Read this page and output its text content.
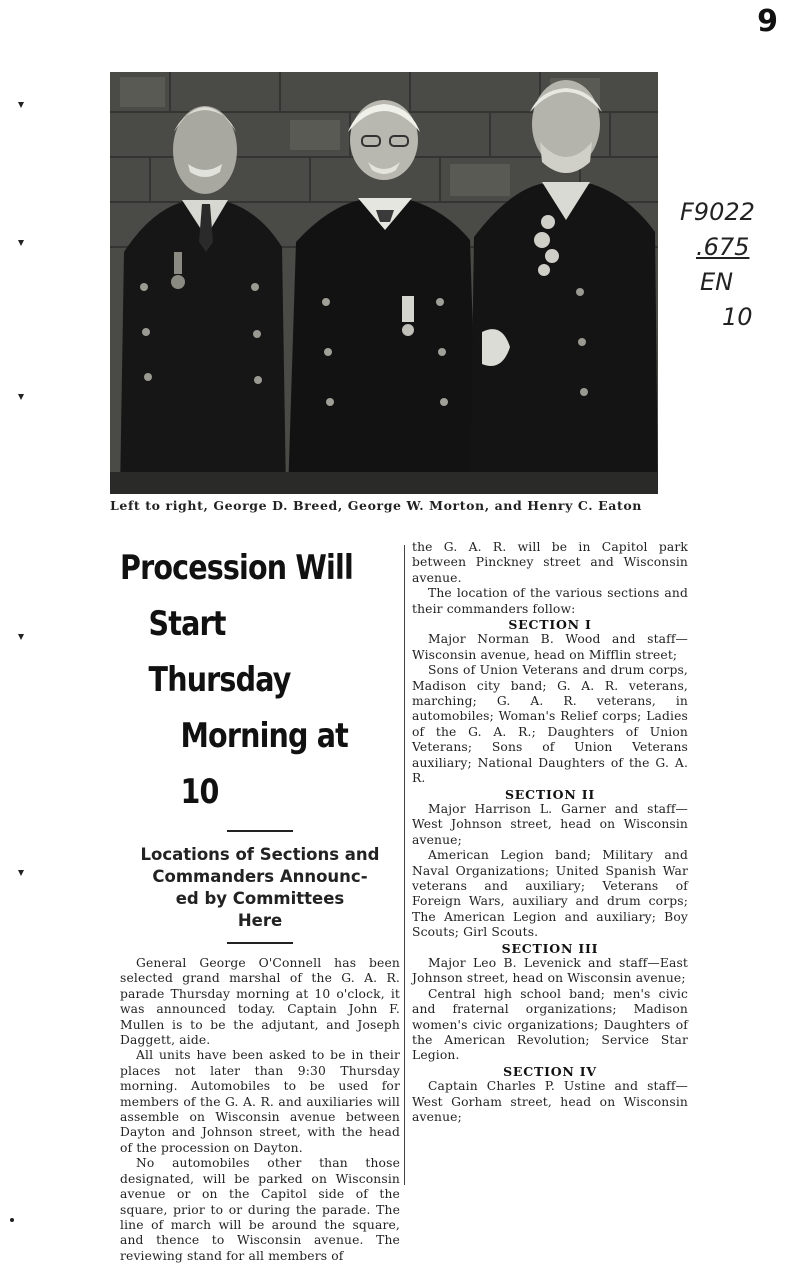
9
Left to right, George D. Breed, George W. Morton, and Henry C. Eaton
F9022
.675
EN
10
Procession Will
Start Thursday
Morning at 10
Locations of Sections and
Commanders Announc-
ed by Committees
Here

General George O'Connell has been selected grand marshal of the G. A. R. parade Thursday morning at 10 o'clock, it was announced today. Captain John F. Mullen is to be the adjutant, and Joseph Daggett, aide.

All units have been asked to be in their places not later than 9:30 Thursday morning. Automobiles to be used for members of the G. A. R. and auxiliaries will assemble on Wisconsin avenue between Dayton and Johnson street, with the head of the procession on Dayton.

No automobiles other than those designated, will be parked on Wisconsin avenue or on the Capitol side of the square, prior to or during the parade. The line of march will be around the square, and thence to Wisconsin avenue. The reviewing stand for all members of

the G. A. R. will be in Capitol park between Pinckney street and Wisconsin avenue.

The location of the various sections and their commanders follow:

SECTION I

Major Norman B. Wood and staff—Wisconsin avenue, head on Mifflin street;

Sons of Union Veterans and drum corps, Madison city band; G. A. R. veterans, marching; G. A. R. veterans, in automobiles; Woman's Relief corps; Ladies of the G. A. R.; Daughters of Union Veterans; Sons of Union Veterans auxiliary; National Daughters of the G. A. R.

SECTION II

Major Harrison L. Garner and staff—West Johnson street, head on Wisconsin avenue;

American Legion band; Military and Naval Organizations; United Spanish War veterans and auxiliary; Veterans of Foreign Wars, auxiliary and drum corps; The American Legion and auxiliary; Boy Scouts; Girl Scouts.

SECTION III

Major Leo B. Levenick and staff—East Johnson street, head on Wisconsin avenue;

Central high school band; men's civic and fraternal organizations; Madison women's civic organizations; Daughters of the American Revolution; Service Star Legion.

SECTION IV

Captain Charles P. Ustine and staff—West Gorham street, head on Wisconsin avenue;
